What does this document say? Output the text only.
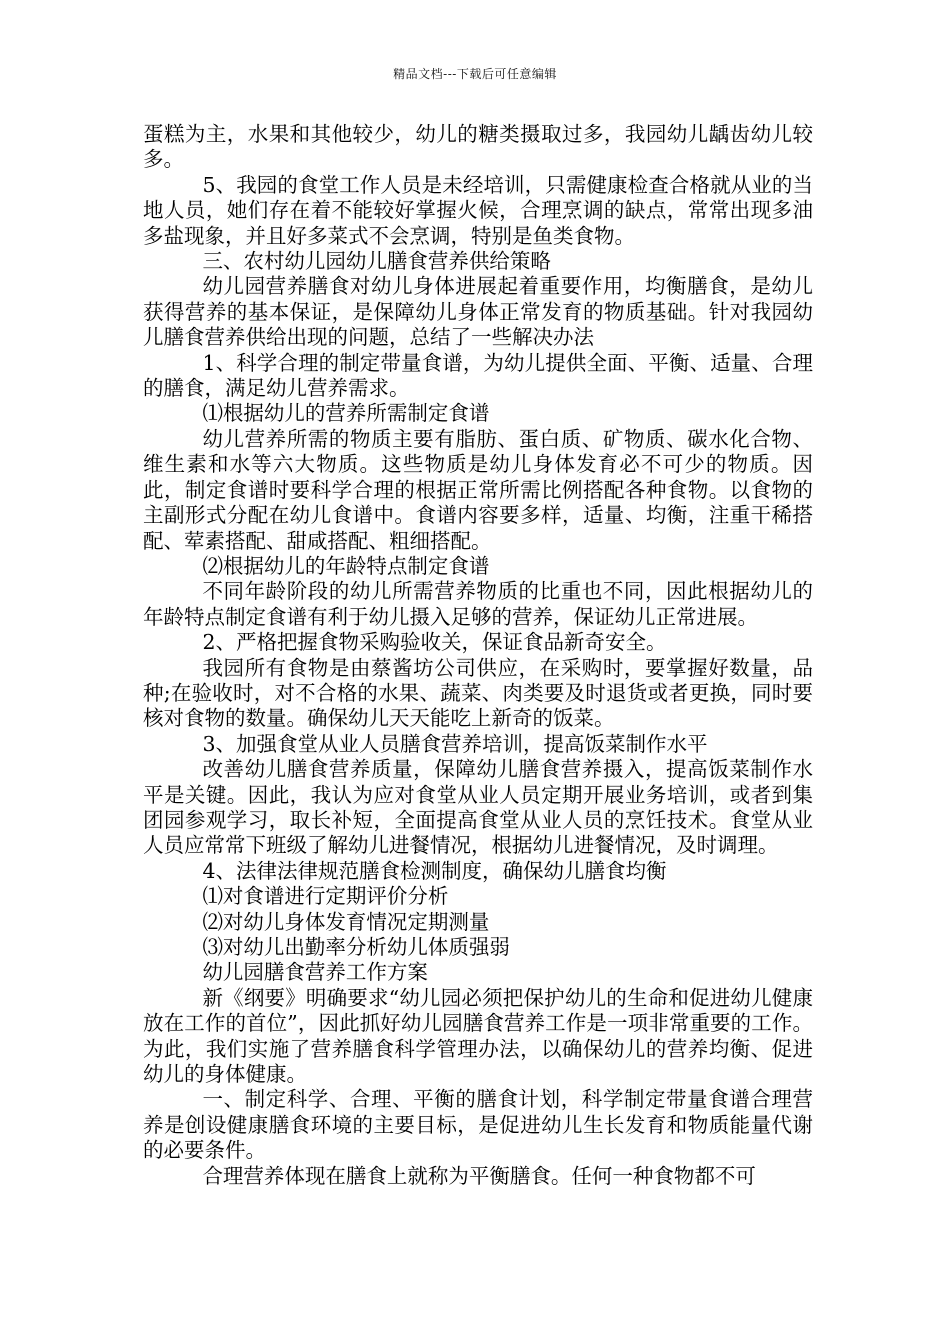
精品文档---下载后可任意编辑

蛋糕为主，水果和其他较少，幼儿的糖类摄取过多，我园幼儿龋齿幼儿较多。

5、我园的食堂工作人员是未经培训，只需健康检查合格就从业的当地人员，她们存在着不能较好掌握火候，合理烹调的缺点，常常出现多油多盐现象，并且好多菜式不会烹调，特别是鱼类食物。

三、农村幼儿园幼儿膳食营养供给策略

幼儿园营养膳食对幼儿身体进展起着重要作用，均衡膳食，是幼儿获得营养的基本保证，是保障幼儿身体正常发育的物质基础。针对我园幼儿膳食营养供给出现的问题，总结了一些解决办法

1、科学合理的制定带量食谱，为幼儿提供全面、平衡、适量、合理的膳食，满足幼儿营养需求。

⑴根据幼儿的营养所需制定食谱

幼儿营养所需的物质主要有脂肪、蛋白质、矿物质、碳水化合物、维生素和水等六大物质。这些物质是幼儿身体发育必不可少的物质。因此，制定食谱时要科学合理的根据正常所需比例搭配各种食物。以食物的主副形式分配在幼儿食谱中。食谱内容要多样，适量、均衡，注重干稀搭配、荤素搭配、甜咸搭配、粗细搭配。

⑵根据幼儿的年龄特点制定食谱

不同年龄阶段的幼儿所需营养物质的比重也不同，因此根据幼儿的年龄特点制定食谱有利于幼儿摄入足够的营养，保证幼儿正常进展。

2、严格把握食物采购验收关，保证食品新奇安全。

我园所有食物是由蔡酱坊公司供应，在采购时，要掌握好数量，品种;在验收时，对不合格的水果、蔬菜、肉类要及时退货或者更换，同时要核对食物的数量。确保幼儿天天能吃上新奇的饭菜。

3、加强食堂从业人员膳食营养培训，提高饭菜制作水平

改善幼儿膳食营养质量，保障幼儿膳食营养摄入，提高饭菜制作水平是关键。因此，我认为应对食堂从业人员定期开展业务培训，或者到集团园参观学习，取长补短，全面提高食堂从业人员的烹饪技术。食堂从业人员应常常下班级了解幼儿进餐情况，根据幼儿进餐情况，及时调理。

4、法律法律规范膳食检测制度，确保幼儿膳食均衡

⑴对食谱进行定期评价分析

⑵对幼儿身体发育情况定期测量

⑶对幼儿出勤率分析幼儿体质强弱

幼儿园膳食营养工作方案

新《纲要》明确要求“幼儿园必须把保护幼儿的生命和促进幼儿健康放在工作的首位”，因此抓好幼儿园膳食营养工作是一项非常重要的工作。为此，我们实施了营养膳食科学管理办法，以确保幼儿的营养均衡、促进幼儿的身体健康。

一、制定科学、合理、平衡的膳食计划，科学制定带量食谱合理营养是创设健康膳食环境的主要目标，是促进幼儿生长发育和物质能量代谢的必要条件。

合理营养体现在膳食上就称为平衡膳食。任何一种食物都不可
